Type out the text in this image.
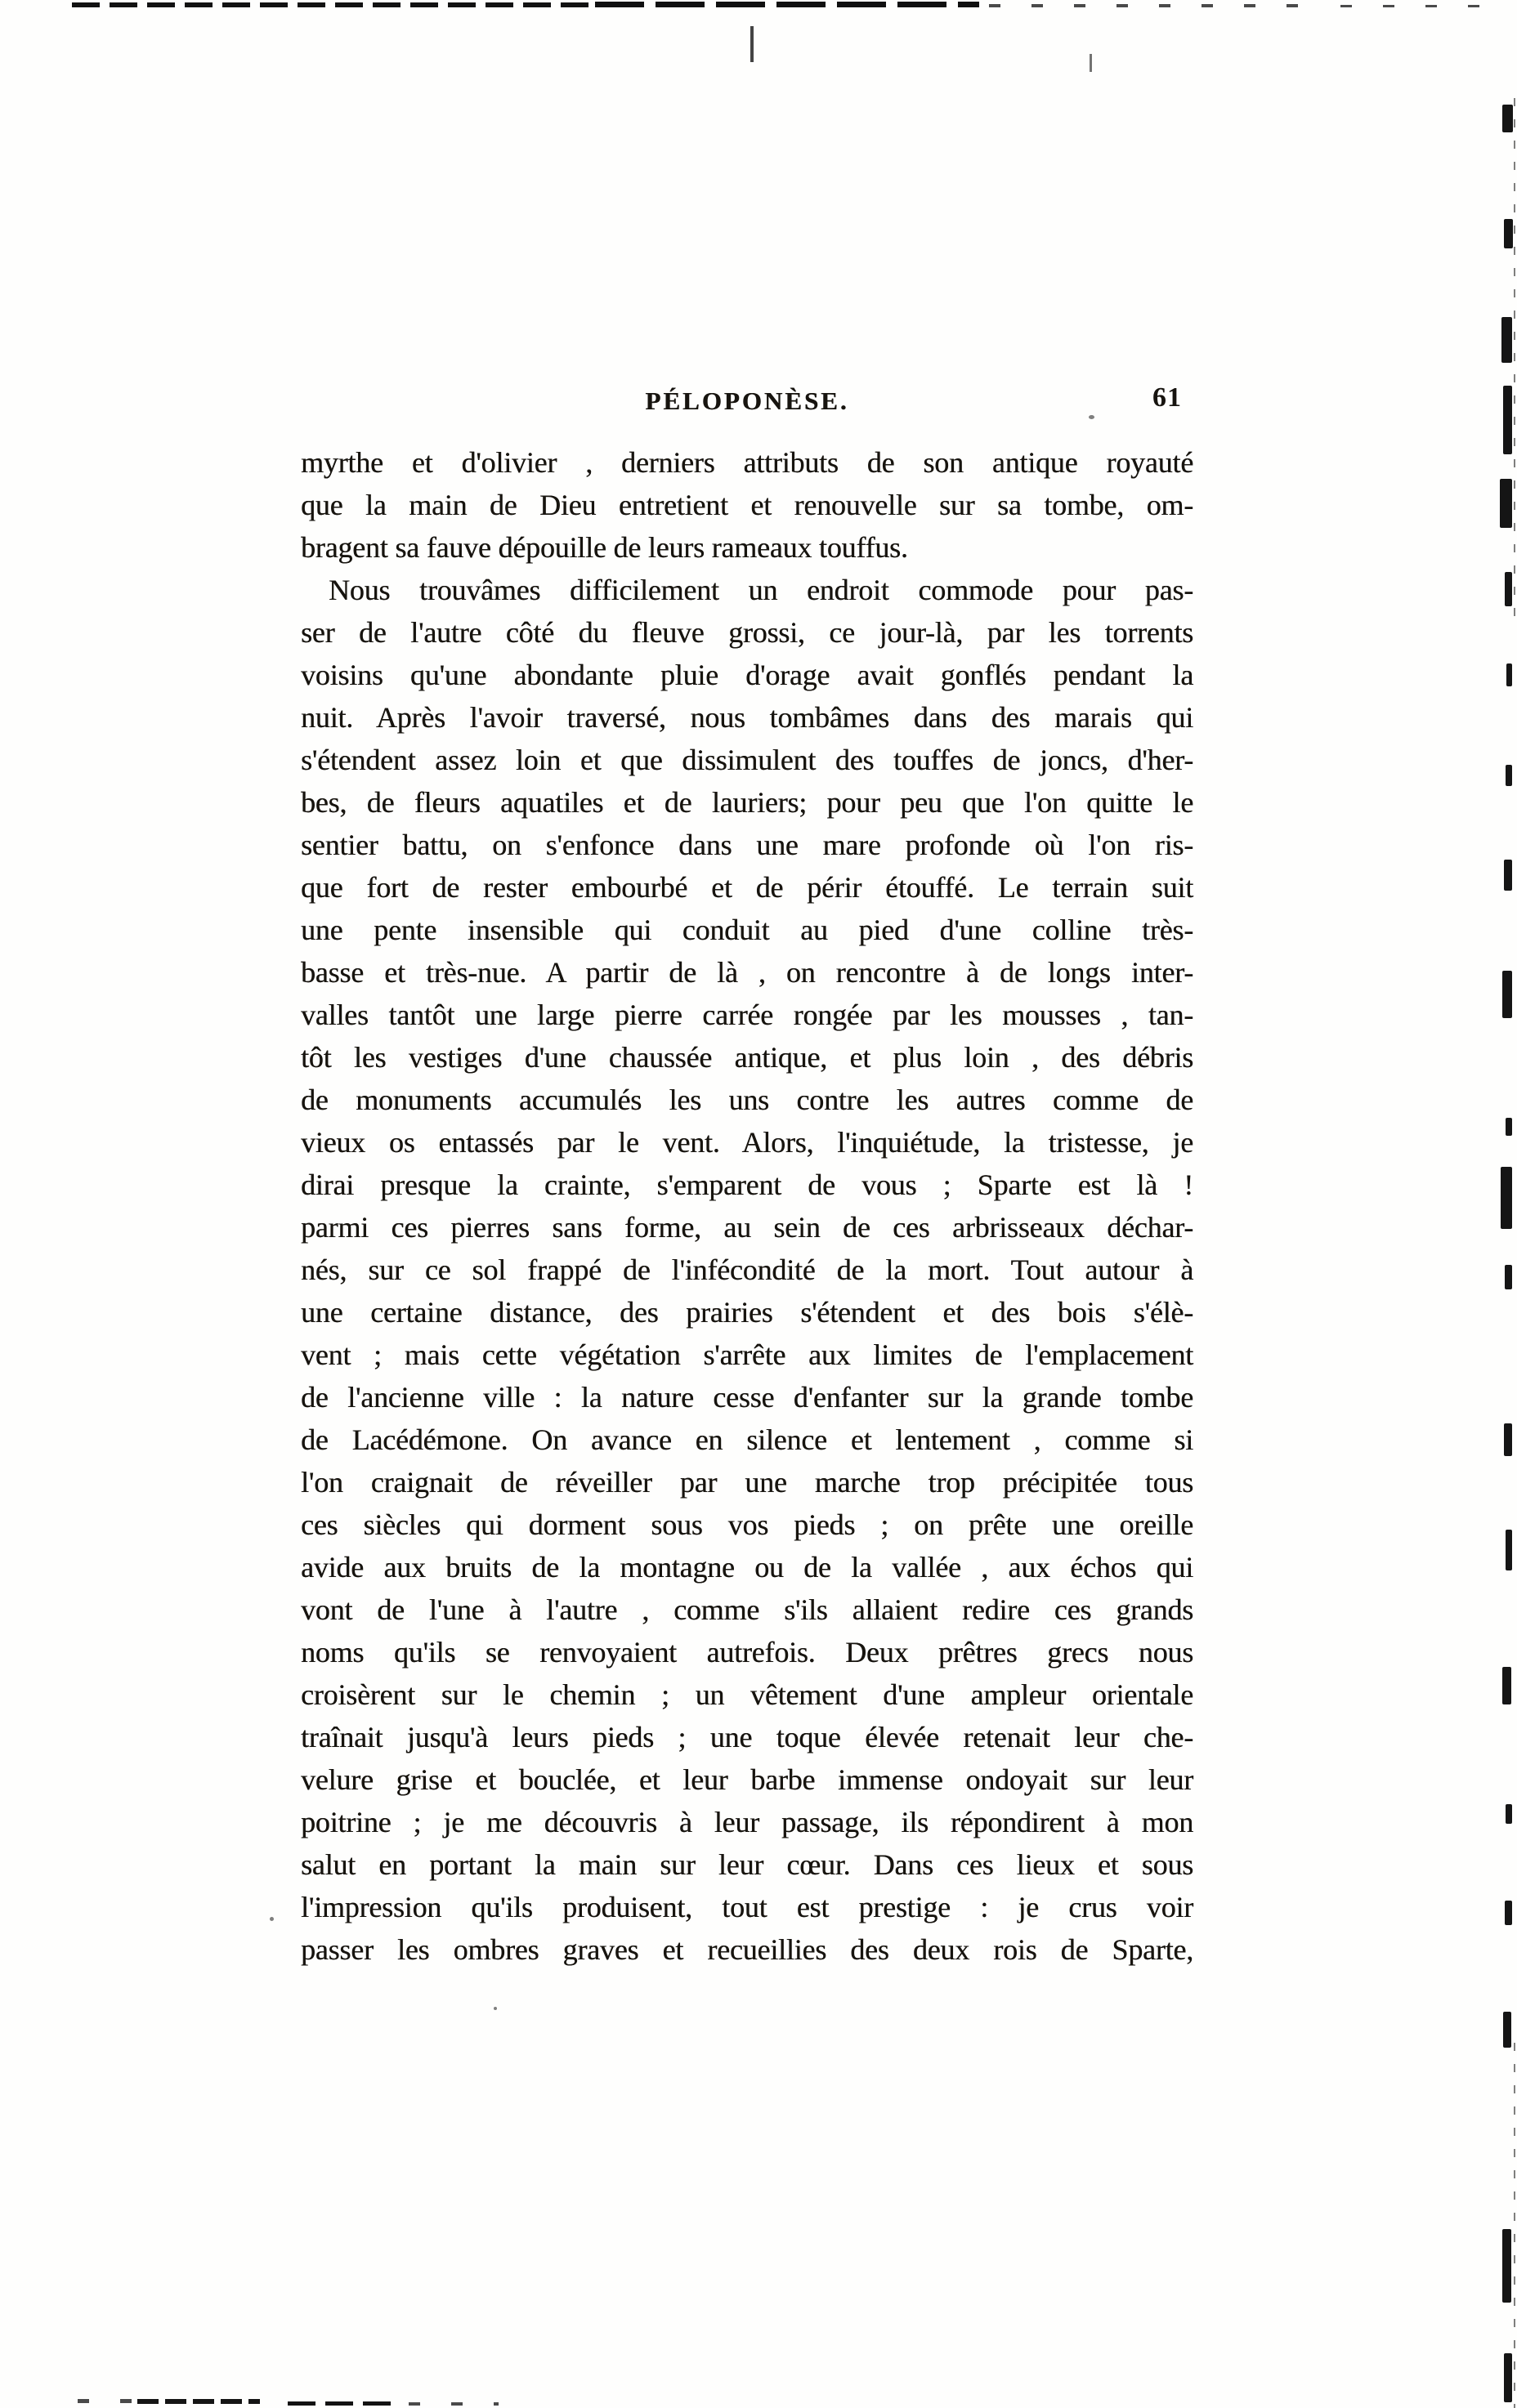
PÉLOPONÈSE.	61
myrthe et d'olivier , derniers attributs de son antique royauté
que la main de Dieu entretient et renouvelle sur sa tombe, om-
bragent sa fauve dépouille de leurs rameaux touffus.
Nous trouvâmes difficilement un endroit commode pour pas-
ser de l'autre côté du fleuve grossi, ce jour-là, par les torrents
voisins qu'une abondante pluie d'orage avait gonflés pendant la
nuit. Après l'avoir traversé, nous tombâmes dans des marais qui
s'étendent assez loin et que dissimulent des touffes de joncs, d'her-
bes, de fleurs aquatiles et de lauriers; pour peu que l'on quitte le
sentier battu, on s'enfonce dans une mare profonde où l'on ris-
que fort de rester embourbé et de périr étouffé. Le terrain suit
une pente insensible qui conduit au pied d'une colline très-
basse et très-nue. A partir de là , on rencontre à de longs inter-
valles tantôt une large pierre carrée rongée par les mousses , tan-
tôt les vestiges d'une chaussée antique, et plus loin , des débris
de monuments accumulés les uns contre les autres comme de
vieux os entassés par le vent. Alors, l'inquiétude, la tristesse, je
dirai presque la crainte, s'emparent de vous ; Sparte est là !
parmi ces pierres sans forme, au sein de ces arbrisseaux déchar-
nés, sur ce sol frappé de l'infécondité de la mort. Tout autour à
une certaine distance, des prairies s'étendent et des bois s'élè-
vent ; mais cette végétation s'arrête aux limites de l'emplacement
de l'ancienne ville : la nature cesse d'enfanter sur la grande tombe
de Lacédémone. On avance en silence et lentement , comme si
l'on craignait de réveiller par une marche trop précipitée tous
ces siècles qui dorment sous vos pieds ; on prête une oreille
avide aux bruits de la montagne ou de la vallée , aux échos qui
vont de l'une à l'autre , comme s'ils allaient redire ces grands
noms qu'ils se renvoyaient autrefois. Deux prêtres grecs nous
croisèrent sur le chemin ; un vêtement d'une ampleur orientale
traînait jusqu'à leurs pieds ; une toque élevée retenait leur che-
velure grise et bouclée, et leur barbe immense ondoyait sur leur
poitrine ; je me découvris à leur passage, ils répondirent à mon
salut en portant la main sur leur cœur. Dans ces lieux et sous
l'impression qu'ils produisent, tout est prestige : je crus voir
passer les ombres graves et recueillies des deux rois de Sparte,
